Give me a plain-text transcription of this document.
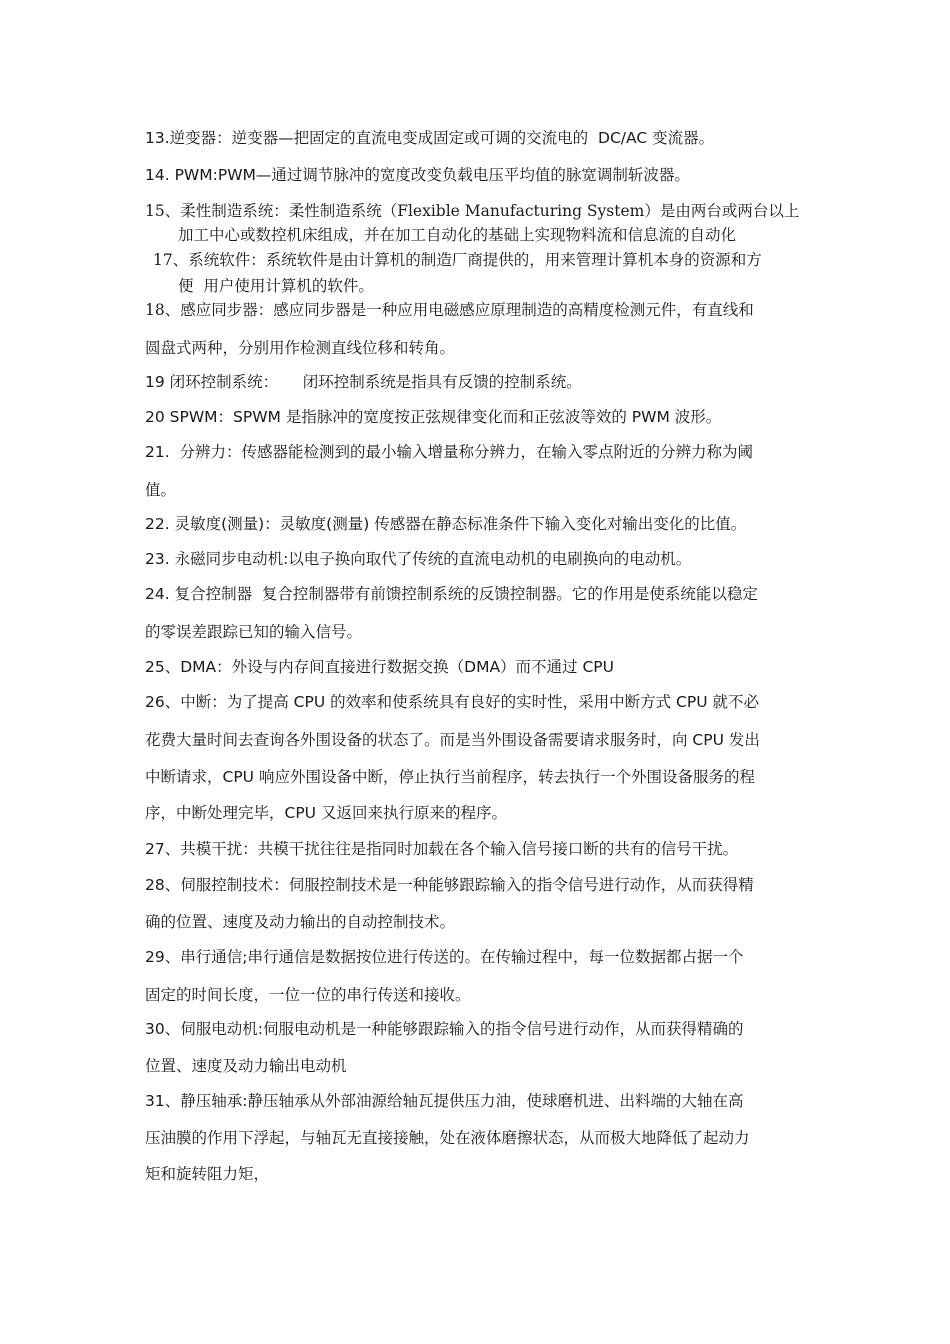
13.逆变器：逆变器—把固定的直流电变成固定或可调的交流电的  DC/AC 变流器。

14. PWM:PWM—通过调节脉冲的宽度改变负载电压平均值的脉宽调制斩波器。

15、柔性制造系统：柔性制造系统（Flexible Manufacturing System）是由两台或两台以上
加工中心或数控机床组成，并在加工自动化的基础上实现物料流和信息流的自动化

17、系统软件：系统软件是由计算机的制造厂商提供的，用来管理计算机本身的资源和方
便  用户使用计算机的软件。

18、感应同步器：感应同步器是一种应用电磁感应原理制造的高精度检测元件，有直线和
圆盘式两种，分别用作检测直线位移和转角。

19 闭环控制系统：     闭环控制系统是指具有反馈的控制系统。

20 SPWM：SPWM 是指脉冲的宽度按正弦规律变化而和正弦波等效的 PWM 波形。

21.  分辨力：传感器能检测到的最小输入增量称分辨力，在输入零点附近的分辨力称为阈
值。

22. 灵敏度(测量)：灵敏度(测量) 传感器在静态标准条件下输入变化对输出变化的比值。

23. 永磁同步电动机:以电子换向取代了传统的直流电动机的电刷换向的电动机。

24. 复合控制器  复合控制器带有前馈控制系统的反馈控制器。它的作用是使系统能以稳定
的零误差跟踪已知的输入信号。

25、DMA：外设与内存间直接进行数据交换（DMA）而不通过 CPU

26、中断：为了提高 CPU 的效率和使系统具有良好的实时性，采用中断方式 CPU 就不必
花费大量时间去查询各外围设备的状态了。而是当外围设备需要请求服务时，向 CPU 发出
中断请求，CPU 响应外围设备中断，停止执行当前程序，转去执行一个外围设备服务的程
序，中断处理完毕，CPU 又返回来执行原来的程序。

27、共模干扰：共模干扰往往是指同时加载在各个输入信号接口断的共有的信号干扰。

28、伺服控制技术：伺服控制技术是一种能够跟踪输入的指令信号进行动作，从而获得精
确的位置、速度及动力输出的自动控制技术。

29、串行通信;串行通信是数据按位进行传送的。在传输过程中，每一位数据都占据一个
固定的时间长度，一位一位的串行传送和接收。

30、伺服电动机:伺服电动机是一种能够跟踪输入的指令信号进行动作，从而获得精确的
位置、速度及动力输出电动机

31、静压轴承:静压轴承从外部油源给轴瓦提供压力油，使球磨机进、出料端的大轴在高
压油膜的作用下浮起，与轴瓦无直接接触，处在液体磨擦状态，从而极大地降低了起动力
矩和旋转阻力矩，
